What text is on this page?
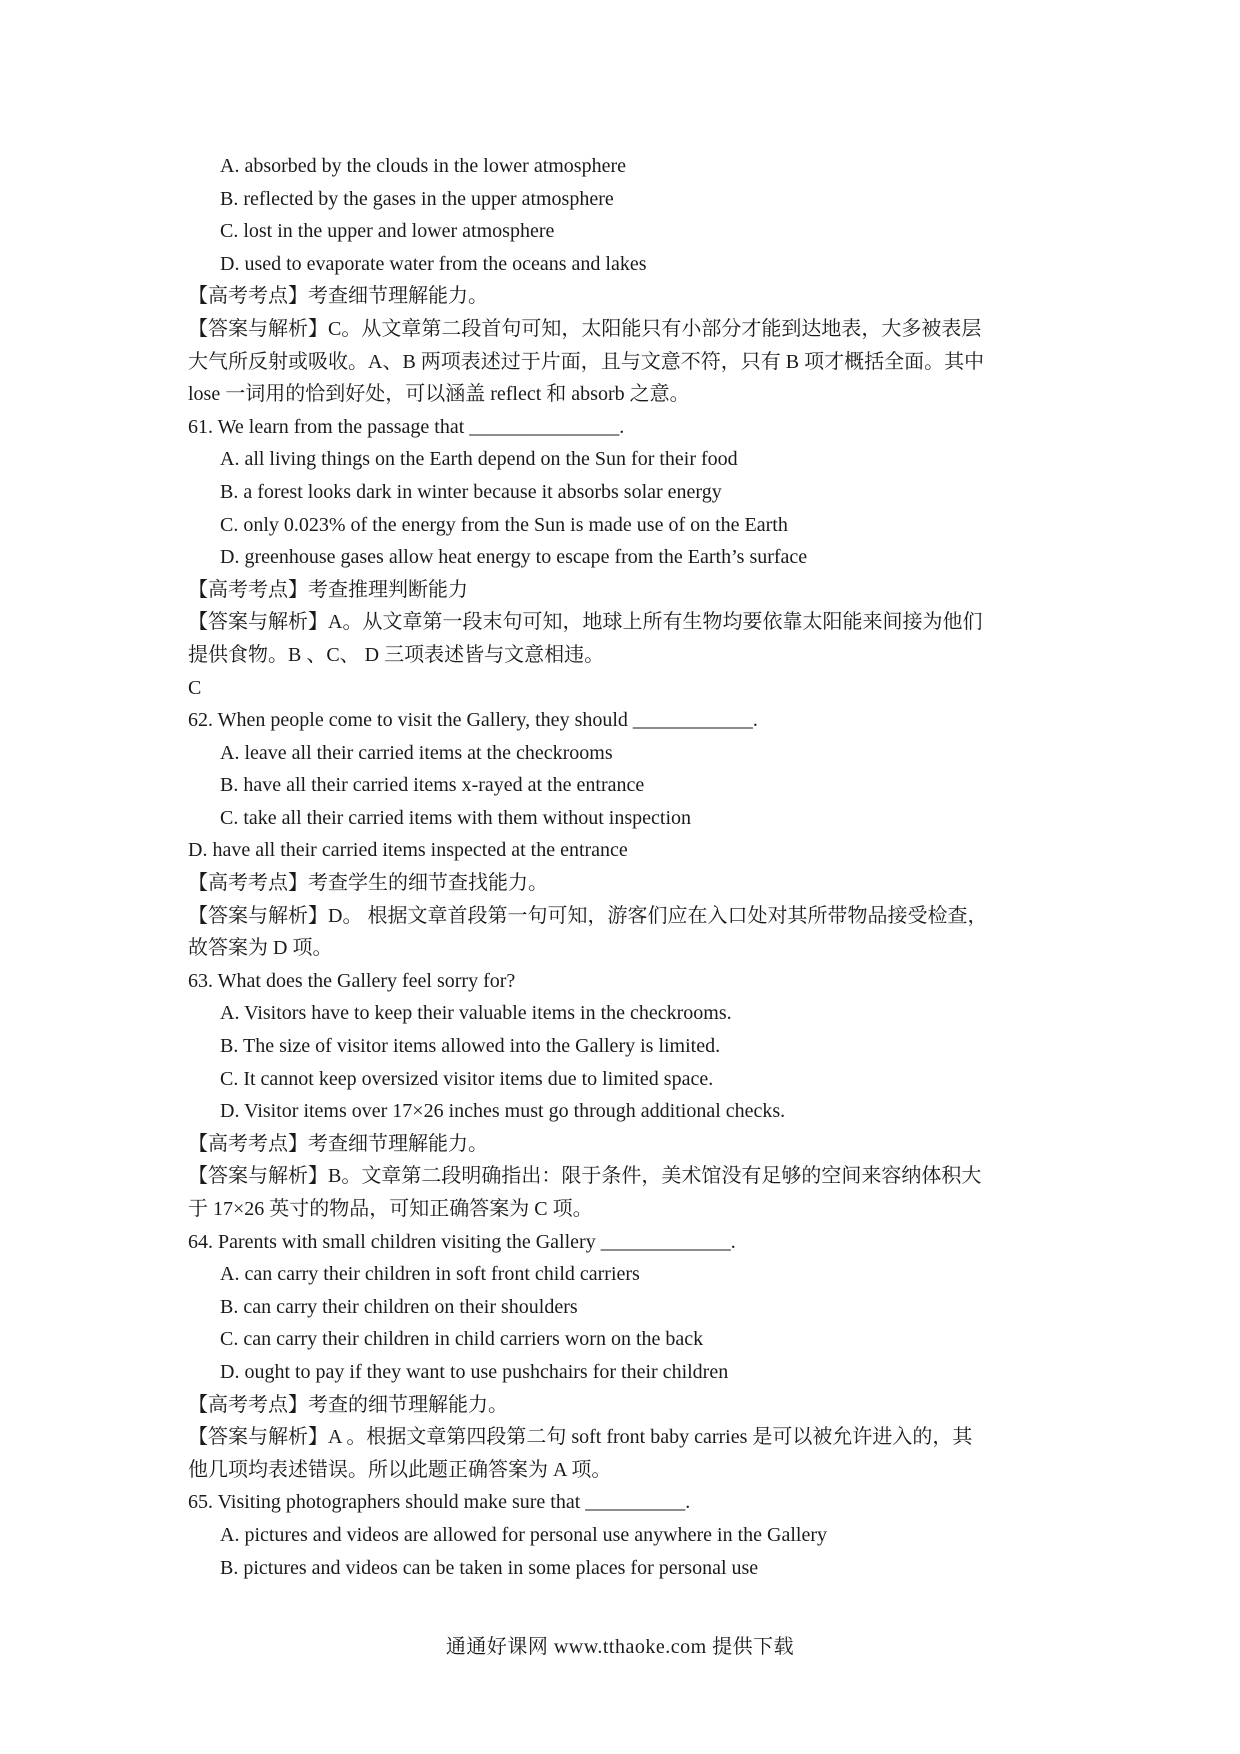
A. absorbed by the clouds in the lower atmosphere
B. reflected by the gases in the upper atmosphere
C. lost in the upper and lower atmosphere
D. used to evaporate water from the oceans and lakes
【高考考点】考查细节理解能力。
【答案与解析】C。从文章第二段首句可知，太阳能只有小部分才能到达地表，大多被表层
大气所反射或吸收。A、B 两项表述过于片面，且与文意不符，只有 B 项才概括全面。其中
lose 一词用的恰到好处，可以涵盖 reflect 和 absorb 之意。
61. We learn from the passage that _______________.
A. all living things on the Earth depend on the Sun for their food
B. a forest looks dark in winter because it absorbs solar energy
C. only 0.023% of the energy from the Sun is made use of on the Earth
D. greenhouse gases allow heat energy to escape from the Earth’s surface
【高考考点】考查推理判断能力
【答案与解析】A。从文章第一段末句可知，地球上所有生物均要依靠太阳能来间接为他们
提供食物。B 、C、 D 三项表述皆与文意相违。
C
62. When people come to visit the Gallery, they should ____________.
A. leave all their carried items at the checkrooms
B. have all their carried items x-rayed at the entrance
C. take all their carried items with them without inspection
D. have all their carried items inspected at the entrance
【高考考点】考查学生的细节查找能力。
【答案与解析】D。 根据文章首段第一句可知，游客们应在入口处对其所带物品接受检查，
故答案为 D 项。
63. What does the Gallery feel sorry for?
A. Visitors have to keep their valuable items in the checkrooms.
B. The size of visitor items allowed into the Gallery is limited.
C. It cannot keep oversized visitor items due to limited space.
D. Visitor items over 17×26 inches must go through additional checks.
【高考考点】考查细节理解能力。
【答案与解析】B。文章第二段明确指出：限于条件，美术馆没有足够的空间来容纳体积大
于 17×26 英寸的物品，可知正确答案为 C 项。
64. Parents with small children visiting the Gallery _____________.
A. can carry their children in soft front child carriers
B. can carry their children on their shoulders
C. can carry their children in child carriers worn on the back
D. ought to pay if they want to use pushchairs for their children
【高考考点】考查的细节理解能力。
【答案与解析】A 。根据文章第四段第二句 soft front baby carries 是可以被允许进入的，其
他几项均表述错误。所以此题正确答案为 A 项。
65. Visiting photographers should make sure that __________.
A. pictures and videos are allowed for personal use anywhere in the Gallery
B. pictures and videos can be taken in some places for personal use
通通好课网 www.tthaoke.com 提供下载
